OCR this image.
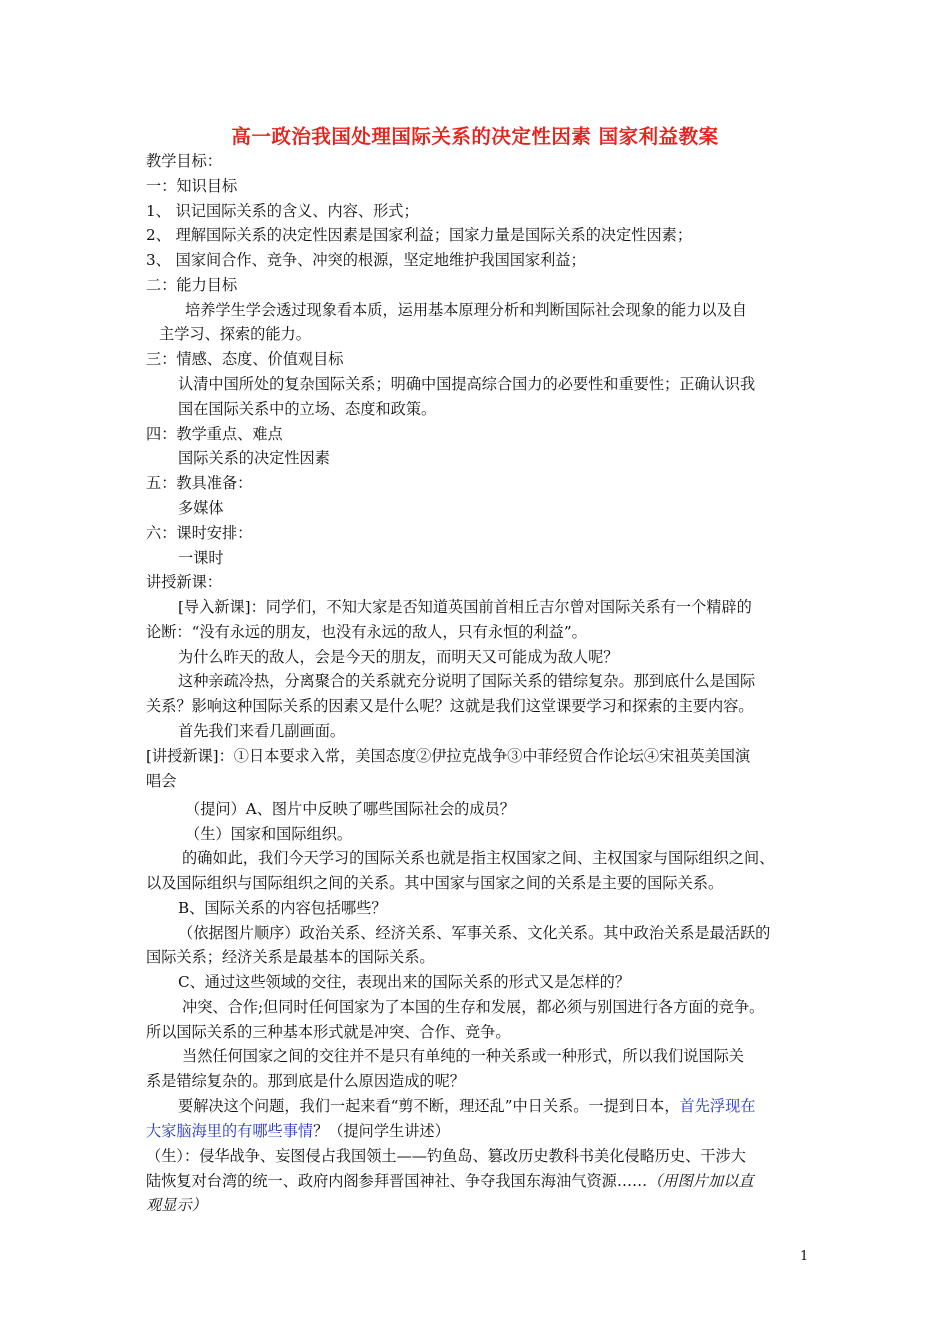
高一政治我国处理国际关系的决定性因素 国家利益教案
教学目标：
一：知识目标
1、 识记国际关系的含义、内容、形式；
2、 理解国际关系的决定性因素是国家利益；国家力量是国际关系的决定性因素；
3、 国家间合作、竞争、冲突的根源，坚定地维护我国国家利益；
二：能力目标
培养学生学会透过现象看本质，运用基本原理分析和判断国际社会现象的能力以及自
主学习、探索的能力。
三：情感、态度、价值观目标
认清中国所处的复杂国际关系；明确中国提高综合国力的必要性和重要性；正确认识我
国在国际关系中的立场、态度和政策。
四：教学重点、难点
国际关系的决定性因素
五：教具准备：
多媒体
六：课时安排：
一课时
讲授新课：
[导入新课]：同学们，不知大家是否知道英国前首相丘吉尔曾对国际关系有一个精辟的
论断：“没有永远的朋友，也没有永远的敌人，只有永恒的利益”。
为什么昨天的敌人，会是今天的朋友，而明天又可能成为敌人呢？
这种亲疏冷热，分离聚合的关系就充分说明了国际关系的错综复杂。那到底什么是国际
关系？影响这种国际关系的因素又是什么呢？这就是我们这堂课要学习和探索的主要内容。
首先我们来看几副画面。
[讲授新课]：①日本要求入常，美国态度②伊拉克战争③中菲经贸合作论坛④宋祖英美国演
唱会
（提问）A、图片中反映了哪些国际社会的成员？
（生）国家和国际组织。
的确如此，我们今天学习的国际关系也就是指主权国家之间、主权国家与国际组织之间、
以及国际组织与国际组织之间的关系。其中国家与国家之间的关系是主要的国际关系。
B、国际关系的内容包括哪些？
（依据图片顺序）政治关系、经济关系、军事关系、文化关系。其中政治关系是最活跃的
国际关系；经济关系是最基本的国际关系。
C、通过这些领域的交往，表现出来的国际关系的形式又是怎样的？
冲突、合作;但同时任何国家为了本国的生存和发展，都必须与别国进行各方面的竞争。
所以国际关系的三种基本形式就是冲突、合作、竞争。
当然任何国家之间的交往并不是只有单纯的一种关系或一种形式，所以我们说国际关
系是错综复杂的。那到底是什么原因造成的呢？
要解决这个问题，我们一起来看“剪不断，理还乱”中日关系。一提到日本，首先浮现在
大家脑海里的有哪些事情？（提问学生讲述）
（生）：侵华战争、妄图侵占我国领土——钓鱼岛、篡改历史教科书美化侵略历史、干涉大
陆恢复对台湾的统一、政府内阁参拜晋国神社、争夺我国东海油气资源……（用图片加以直
观显示）
1
